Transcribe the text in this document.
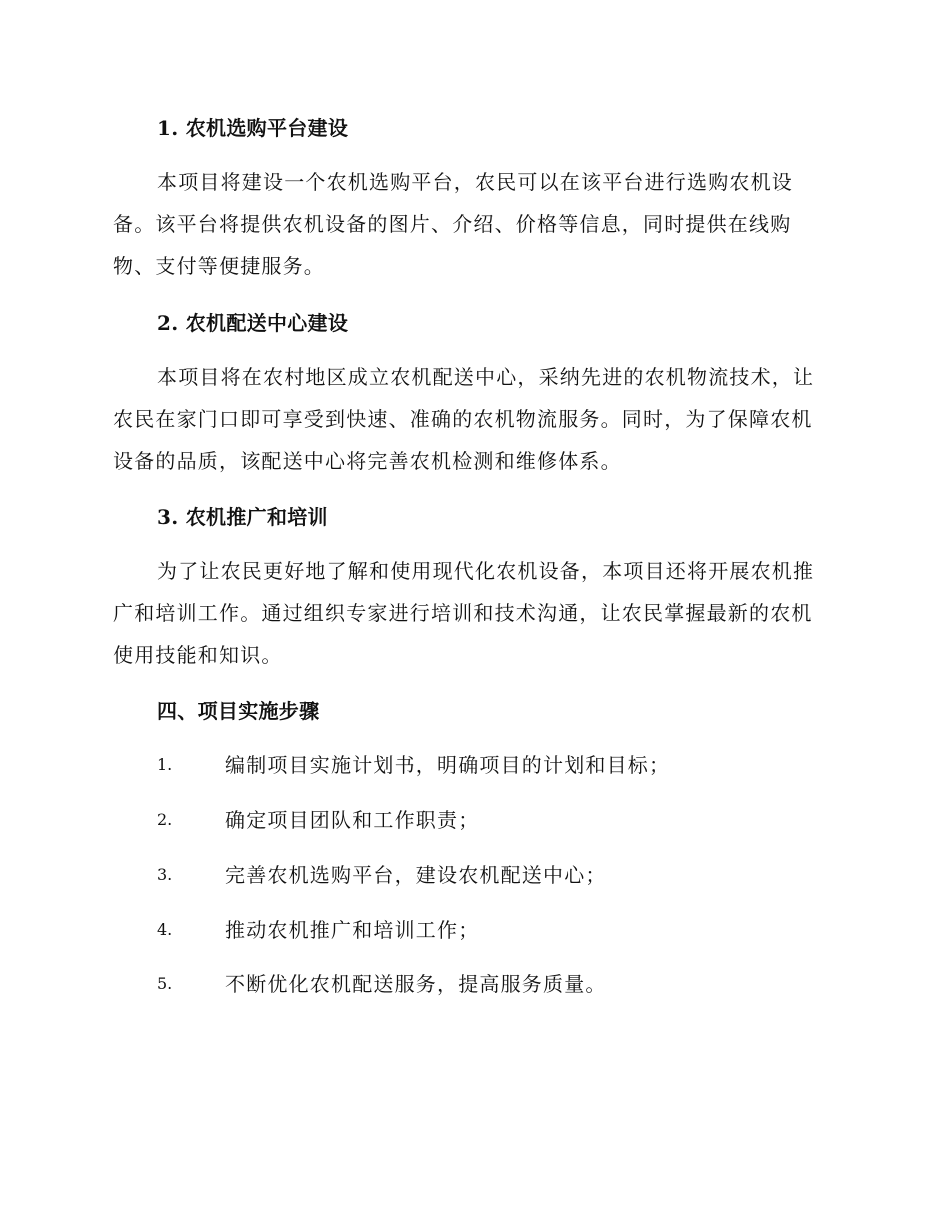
1. 农机选购平台建设

本项目将建设一个农机选购平台，农民可以在该平台进行选购农机设备。该平台将提供农机设备的图片、介绍、价格等信息，同时提供在线购物、支付等便捷服务。

2. 农机配送中心建设

本项目将在农村地区成立农机配送中心，采纳先进的农机物流技术，让农民在家门口即可享受到快速、准确的农机物流服务。同时，为了保障农机设备的品质，该配送中心将完善农机检测和维修体系。

3. 农机推广和培训

为了让农民更好地了解和使用现代化农机设备，本项目还将开展农机推广和培训工作。通过组织专家进行培训和技术沟通，让农民掌握最新的农机使用技能和知识。

四、项目实施步骤
1.	编制项目实施计划书，明确项目的计划和目标；
2.	确定项目团队和工作职责；
3.	完善农机选购平台，建设农机配送中心；
4.	推动农机推广和培训工作；
5.	不断优化农机配送服务，提高服务质量。
